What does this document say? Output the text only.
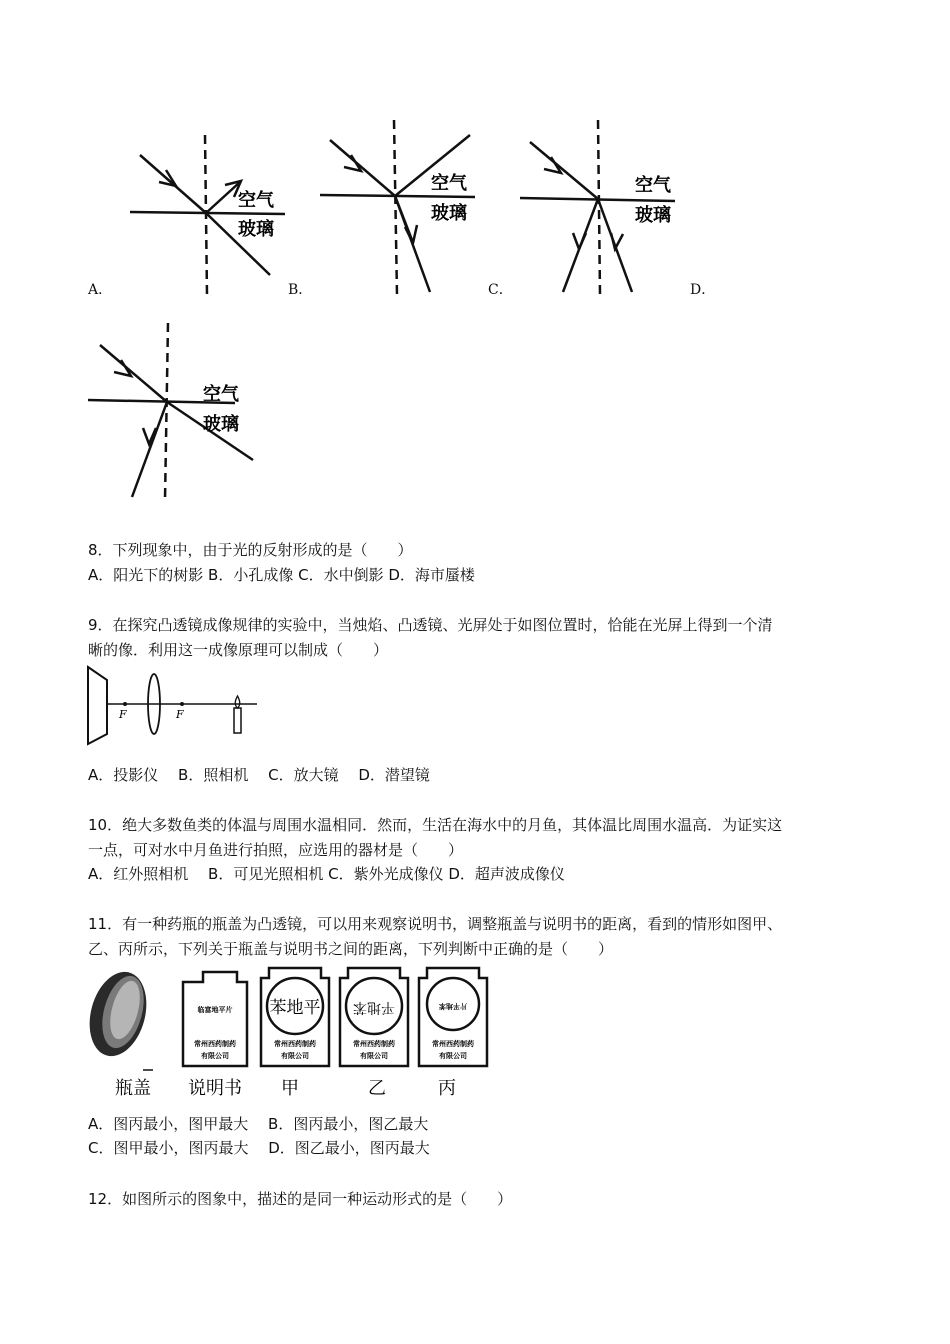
空气
玻璃
A．
空气
玻璃
B．
空气
玻璃
C．	D．
空气
玻璃
8．下列现象中，由于光的反射形成的是（　　）
A．阳光下的树影 B．小孔成像 C．水中倒影 D．海市蜃楼
9．在探究凸透镜成像规律的实验中，当烛焰、凸透镜、光屏处于如图位置时，恰能在光屏上得到一个清
晰的像．利用这一成像原理可以制成（　　）
F	F
A．投影仪　 B．照相机　 C．放大镜　 D．潜望镜
10．绝大多数鱼类的体温与周围水温相同．然而，生活在海水中的月鱼，其体温比周围水温高．为证实这
一点，可对水中月鱼进行拍照，应选用的器材是（　　）
A．红外照相机　 B．可见光照相机 C．紫外光成像仪 D．超声波成像仪
11．有一种药瓶的瓶盖为凸透镜，可以用来观察说明书，调整瓶盖与说明书的距离，看到的情形如图甲、
乙、丙所示，下列关于瓶盖与说明书之间的距离，下列判断中正确的是（　　）
临富地平片
常州西药制药
有限公司
苯地平
常州西药制药
有限公司
平地苯
常州西药制药
有限公司
片平地苯
常州西药制药
有限公司
瓶盖 说明书 甲	乙	丙
A．图丙最小，图甲最大　 B．图丙最小，图乙最大
C．图甲最小，图丙最大　 D．图乙最小，图丙最大
12．如图所示的图象中，描述的是同一种运动形式的是（　　）
